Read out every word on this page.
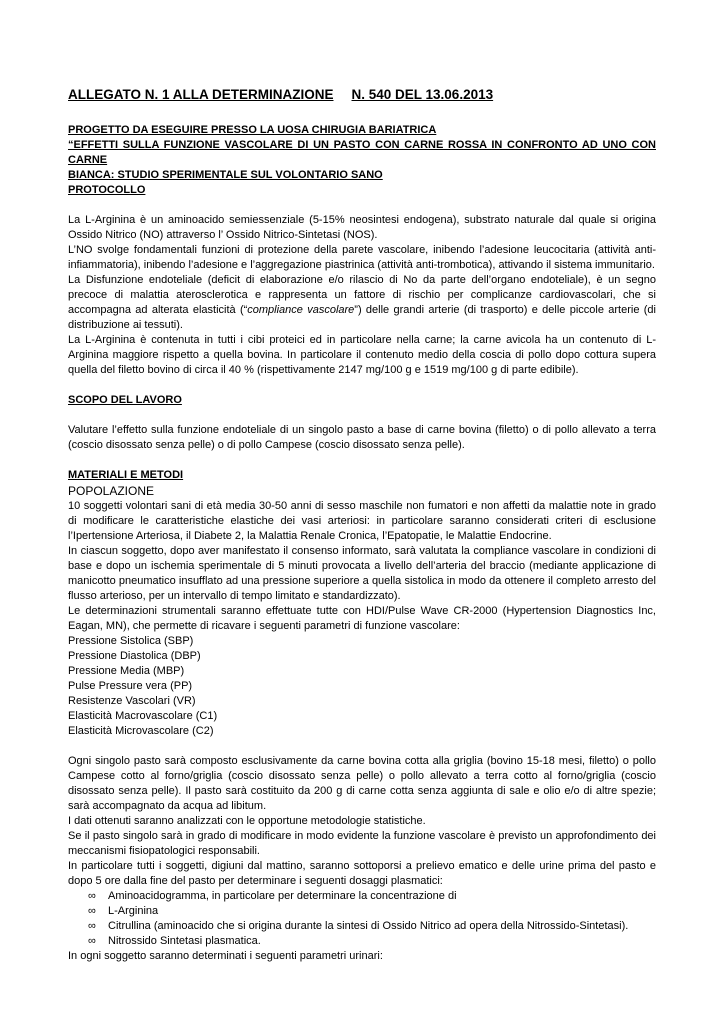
ALLEGATO N. 1 ALLA DETERMINAZIONE N. 540 DEL 13.06.2013
PROGETTO DA ESEGUIRE PRESSO LA UOSA CHIRUGIA BARIATRICA
“EFFETTI SULLA FUNZIONE VASCOLARE DI UN PASTO CON CARNE ROSSA IN CONFRONTO AD UNO CON CARNE
BIANCA: STUDIO SPERIMENTALE SUL VOLONTARIO SANO
PROTOCOLLO

La L-Arginina è un aminoacido semiessenziale (5-15% neosintesi endogena), substrato naturale dal quale si origina Ossido Nitrico (NO) attraverso l’ Ossido Nitrico-Sintetasi (NOS).

L’NO svolge fondamentali funzioni di protezione della parete vascolare, inibendo l’adesione leucocitaria (attività anti-infiammatoria), inibendo l’adesione e l’aggregazione piastrinica (attività anti-trombotica), attivando il sistema immunitario.

La Disfunzione endoteliale (deficit di elaborazione e/o rilascio di No da parte dell’organo endoteliale), è un segno precoce di malattia aterosclerotica e rappresenta un fattore di rischio per complicanze cardiovascolari, che si accompagna ad alterata elasticità (“compliance vascolare”) delle grandi arterie (di trasporto) e delle piccole arterie (di distribuzione ai tessuti).

La L-Arginina è contenuta in tutti i cibi proteici ed in particolare nella carne; la carne avicola ha un contenuto di L-Arginina maggiore rispetto a quella bovina. In particolare il contenuto medio della coscia di pollo dopo cottura supera quella del filetto bovino di circa il 40 % (rispettivamente 2147 mg/100 g e 1519 mg/100 g di parte edibile).

SCOPO DEL LAVORO

Valutare l’effetto sulla funzione endoteliale di un singolo pasto a base di carne bovina (filetto) o di pollo allevato a terra (coscio disossato senza pelle) o di pollo Campese (coscio disossato senza pelle).

MATERIALI E METODI
POPOLAZIONE

10 soggetti volontari sani di età media 30-50 anni di sesso maschile non fumatori e non affetti da malattie note in grado di modificare le caratteristiche elastiche dei vasi arteriosi: in particolare saranno considerati criteri di esclusione l’Ipertensione Arteriosa, il Diabete 2, la Malattia Renale Cronica, l’Epatopatie, le Malattie Endocrine.

In ciascun soggetto, dopo aver manifestato il consenso informato, sarà valutata la compliance vascolare in condizioni di base e dopo un ischemia sperimentale di 5 minuti provocata a livello dell’arteria del braccio (mediante applicazione di manicotto pneumatico insufflato ad una pressione superiore a quella sistolica in modo da ottenere il completo arresto del flusso arterioso, per un intervallo di tempo limitato e standardizzato).

Le determinazioni strumentali saranno effettuate tutte con HDI/Pulse Wave CR-2000 (Hypertension Diagnostics Inc, Eagan, MN), che permette di ricavare i seguenti parametri di funzione vascolare:

Pressione Sistolica (SBP)
Pressione Diastolica (DBP)
Pressione Media (MBP)
Pulse Pressure vera (PP)
Resistenze Vascolari (VR)
Elasticità Macrovascolare (C1)
Elasticità Microvascolare (C2)

Ogni singolo pasto sarà composto esclusivamente da carne bovina cotta alla griglia (bovino 15-18 mesi, filetto) o pollo Campese cotto al forno/griglia (coscio disossato senza pelle) o pollo allevato a terra cotto al forno/griglia (coscio disossato senza pelle). Il pasto sarà costituito da 200 g di carne cotta senza aggiunta di sale e olio e/o di altre spezie; sarà accompagnato da acqua ad libitum.

I dati ottenuti saranno analizzati con le opportune metodologie statistiche.

Se il pasto singolo sarà in grado di modificare in modo evidente la funzione vascolare è previsto un approfondimento dei meccanismi fisiopatologici responsabili.

In particolare tutti i soggetti, digiuni dal mattino, saranno sottoporsi a prelievo ematico e delle urine prima del pasto e dopo 5 ore dalla fine del pasto per determinare i seguenti dosaggi plasmatici:

∞ Aminoacidogramma, in particolare per determinare la concentrazione di
∞ L-Arginina
∞ Citrullina (aminoacido che si origina durante la sintesi di Ossido Nitrico ad opera della Nitrossido-Sintetasi).
∞ Nitrossido Sintetasi plasmatica.

In ogni soggetto saranno determinati i seguenti parametri urinari:
